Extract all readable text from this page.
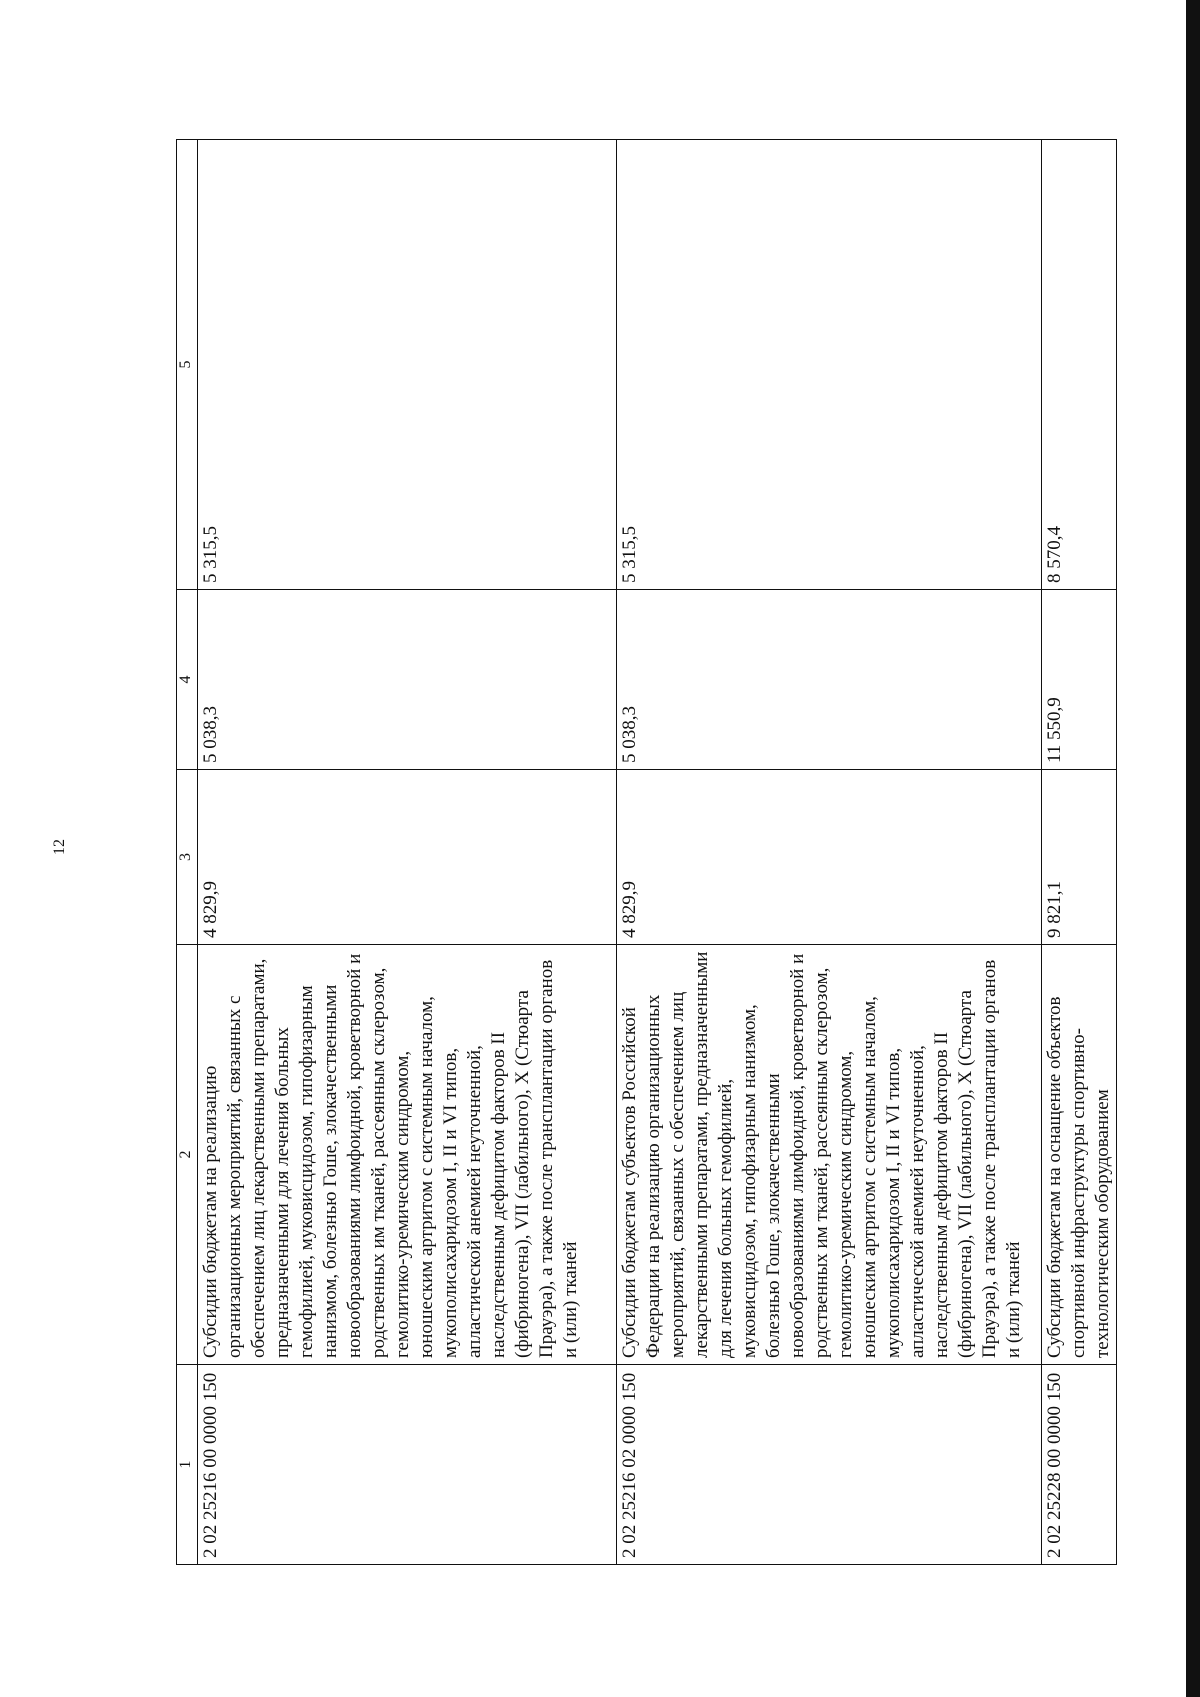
12
1	2	3	4	5
2 02 25216 00 0000 150	Субсидии бюджетам на реализацию организационных мероприятий, связанных с обеспечением лиц лекарственными препаратами, предназначенными для лечения больных гемофилией, муковисцидозом, гипофизарным нанизмом, болезнью Гоше, злокачественными новообразованиями лимфоидной, кроветворной и родственных им тканей, рассеянным склерозом, гемолитико-уремическим синдромом, юношеским артритом с системным началом, мукополисахаридозом I, II и VI типов, апластической анемией неуточненной, наследственным дефицитом факторов II (фибриногена), VII (лабильного), X (Стюарта Прауэра), а также после трансплантации органов и (или) тканей	4 829,9	5 038,3	5 315,5
2 02 25216 02 0000 150	Субсидии бюджетам субъектов Российской Федерации на реализацию организационных мероприятий, связанных с обеспечением лиц лекарственными препаратами, предназначенными для лечения больных гемофилией, муковисцидозом, гипофизарным нанизмом, болезнью Гоше, злокачественными новообразованиями лимфоидной, кроветворной и родственных им тканей, рассеянным склерозом, гемолитико-уремическим синдромом, юношеским артритом с системным началом, мукополисахаридозом I, II и VI типов, апластической анемией неуточненной, наследственным дефицитом факторов II (фибриногена), VII (лабильного), X (Стюарта Прауэра), а также после трансплантации органов и (или) тканей	4 829,9	5 038,3	5 315,5
2 02 25228 00 0000 150	Субсидии бюджетам на оснащение объектов спортивной инфраструктуры спортивно-технологическим оборудованием	9 821,1	11 550,9	8 570,4
